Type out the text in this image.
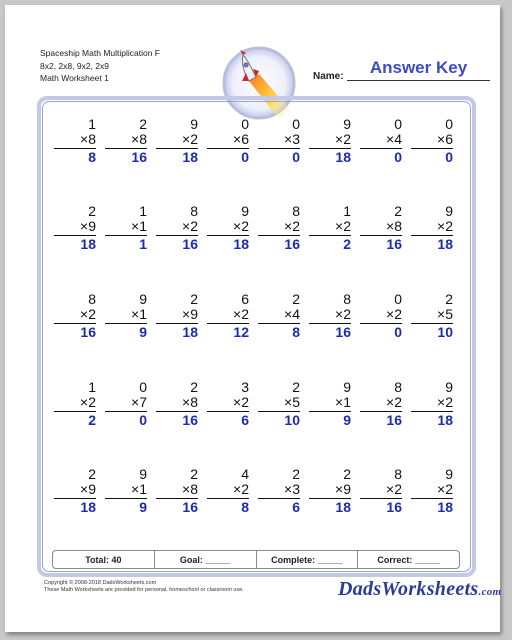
Spaceship Math Multiplication F
8x2, 2x8, 9x2, 2x9
Math Worksheet 1	Name:	Answer Key
1
×8
8
2
×8
16
9
×2
18
0
×6
0
0
×3
0
9
×2
18
0
×4
0
0
×6
0
2
×9
18
1
×1
1
8
×2
16
9
×2
18
8
×2
16
1
×2
2
2
×8
16
9
×2
18
8
×2
16
9
×1
9
2
×9
18
6
×2
12
2
×4
8
8
×2
16
0
×2
0
2
×5
10
1
×2
2
0
×7
0
2
×8
16
3
×2
6
2
×5
10
9
×1
9
8
×2
16
9
×2
18
2
×9
18
9
×1
9
2
×8
16
4
×2
8
2
×3
6
2
×9
18
8
×2
16
9
×2
18
Total: 40	Goal: _____	Complete: _____	Correct: _____
Copyright © 2008-2018 DadsWorksheets.com
These Math Worksheets are provided for personal, homeschool or classroom use.	DadsWorksheets.com
